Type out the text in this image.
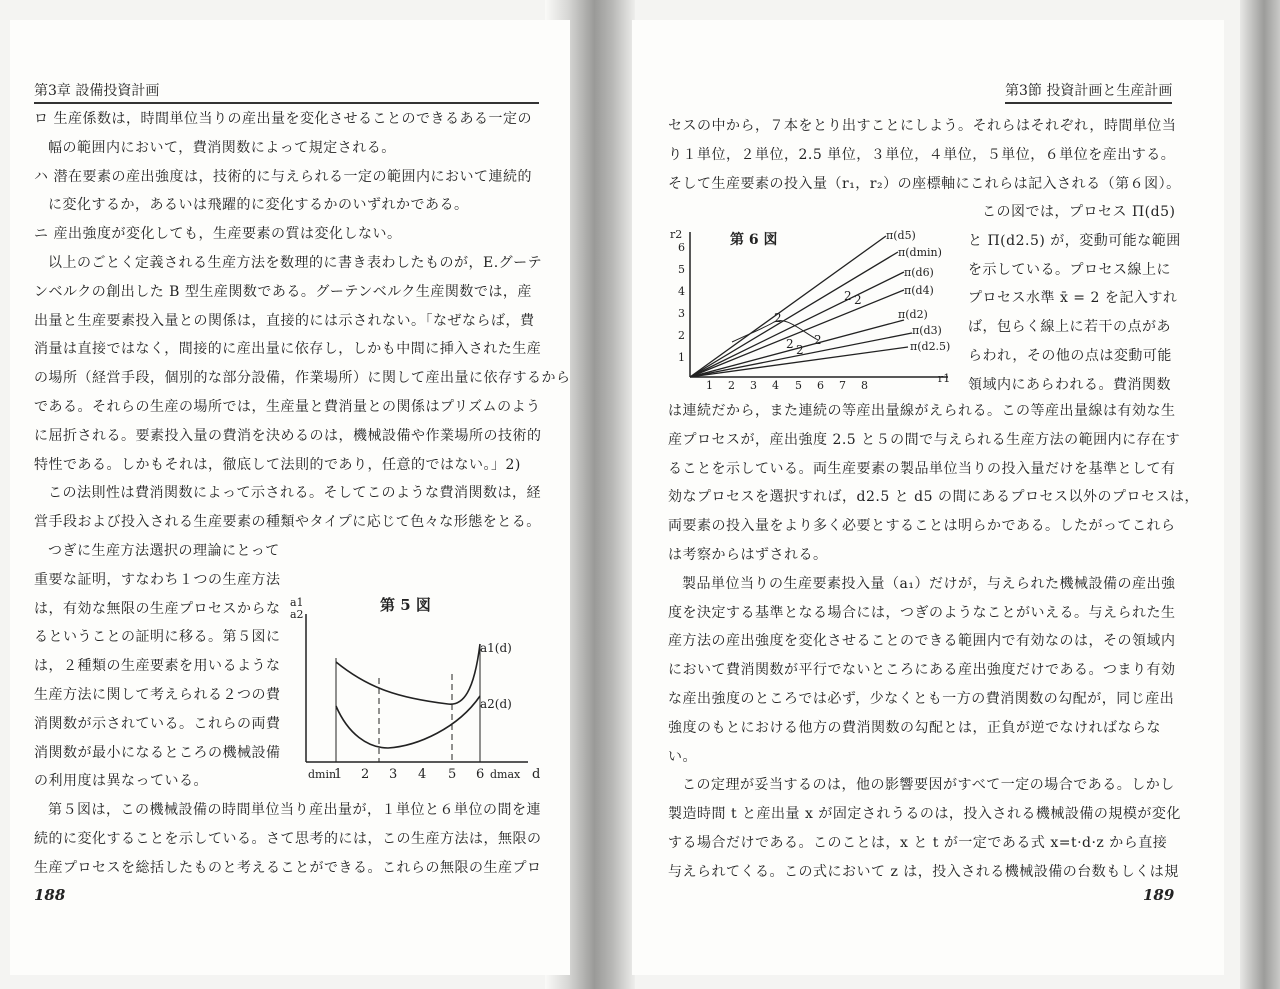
第3章 設備投資計画

ロ 生産係数は，時間単位当りの産出量を変化させることのできるある一定の

幅の範囲内において，費消関数によって規定される。

ハ 潜在要素の産出強度は，技術的に与えられる一定の範囲内において連続的

に変化するか，あるいは飛躍的に変化するかのいずれかである。

ニ 産出強度が変化しても，生産要素の質は変化しない。

以上のごとく定義される生産方法を数理的に書き表わしたものが，E.グーテ

ンベルクの創出した B 型生産関数である。グーテンベルク生産関数では，産

出量と生産要素投入量との関係は，直接的には示されない。「なぜならば，費

消量は直接ではなく，間接的に産出量に依存し，しかも中間に挿入された生産

の場所（経営手段，個別的な部分設備，作業場所）に関して産出量に依存するから

である。それらの生産の場所では，生産量と費消量との関係はプリズムのよう

に屈折される。要素投入量の費消を決めるのは，機械設備や作業場所の技術的

特性である。しかもそれは，徹底して法則的であり，任意的ではない。」2)

この法則性は費消関数によって示される。そしてこのような費消関数は，経

営手段および投入される生産要素の種類やタイプに応じて色々な形態をとる。

つぎに生産方法選択の理論にとって

重要な証明，すなわち１つの生産方法

は，有効な無限の生産プロセスからな

るということの証明に移る。第５図に

は，２種類の生産要素を用いるような

生産方法に関して考えられる２つの費

消関数が示されている。これらの両費

消関数が最小になるところの機械設備

の利用度は異なっている。

第５図は，この機械設備の時間単位当り産出量が，１単位と６単位の間を連

続的に変化することを示している。さて思考的には，この生産方法は，無限の

生産プロセスを総括したものと考えることができる。これらの無限の生産プロ

188
第 5 図
a1
a2
a1(d)
a2(d)
dmin
1 2 3 4 5 6 dmax d
第3節 投資計画と生産計画

セスの中から，７本をとり出すことにしよう。それらはそれぞれ，時間単位当

り１単位，２単位，2.5 単位，３単位，４単位，５単位，６単位を産出する。

そして生産要素の投入量（r₁，r₂）の座標軸にこれらは記入される（第６図）。

この図では，プロセス Π(d5)

と Π(d2.5) が，変動可能な範囲

を示している。プロセス線上に

プロセス水準 x̄ = 2 を記入すれ

ば，包らく線上に若干の点があ

らわれ，その他の点は変動可能

領域内にあらわれる。費消関数

は連続だから，また連続の等産出量線がえられる。この等産出量線は有効な生

産プロセスが，産出強度 2.5 と５の間で与えられる生産方法の範囲内に存在す

ることを示している。両生産要素の製品単位当りの投入量だけを基準として有

効なプロセスを選択すれば，d2.5 と d5 の間にあるプロセス以外のプロセスは，

両要素の投入量をより多く必要とすることは明らかである。したがってこれら

は考察からはずされる。

製品単位当りの生産要素投入量（a₁）だけが，与えられた機械設備の産出強

度を決定する基準となる場合には，つぎのようなことがいえる。与えられた生

産方法の産出強度を変化させることのできる範囲内で有効なのは，その領域内

において費消関数が平行でないところにある産出強度だけである。つまり有効

な産出強度のところでは必ず，少なくとも一方の費消関数の勾配が，同じ産出

強度のもとにおける他方の費消関数の勾配とは，正負が逆でなければならな

い。

この定理が妥当するのは，他の影響要因がすべて一定の場合である。しかし

製造時間 t と産出量 x が固定されうるのは，投入される機械設備の規模が変化

する場合だけである。このことは，x と t が一定である式 x=t·d·z から直接

与えられてくる。この式において z は，投入される機械設備の台数もしくは規

189
第 6 図
r2
1
2
3
4
5
6
1 2 3 4 5 6 7 8
r1
π(d5)
π(dmin)
π(d6)
π(d4)
π(d2)
π(d3)
π(d2.5)
2 2
2
2 2
2
